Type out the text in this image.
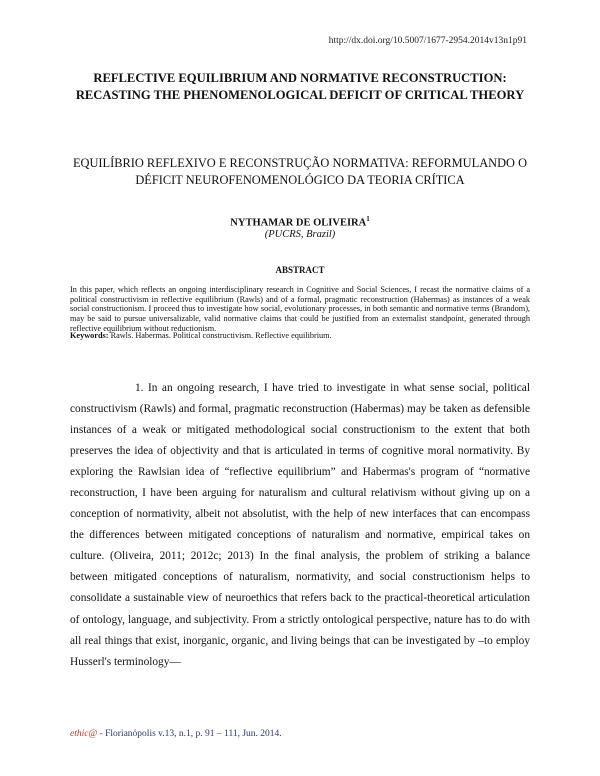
http://dx.doi.org/10.5007/1677-2954.2014v13n1p91
REFLECTIVE EQUILIBRIUM AND NORMATIVE RECONSTRUCTION: RECASTING THE PHENOMENOLOGICAL DEFICIT OF CRITICAL THEORY
EQUILÍBRIO REFLEXIVO E RECONSTRUÇÃO NORMATIVA: REFORMULANDO O DÉFICIT NEUROFENOMENOLÓGICO DA TEORIA CRÍTICA
NYTHAMAR DE OLIVEIRA$^1$
(PUCRS, Brazil)
ABSTRACT

In this paper, which reflects an ongoing interdisciplinary research in Cognitive and Social Sciences, I recast the normative claims of a political constructivism in reflective equilibrium (Rawls) and of a formal, pragmatic reconstruction (Habermas) as instances of a weak social constructionism. I proceed thus to investigate how social, evolutionary processes, in both semantic and normative terms (Brandom), may be said to pursue universalizable, valid normative claims that could be justified from an externalist standpoint, generated through reflective equilibrium without reductionism.

Keywords: Rawls. Habermas. Political constructivism. Reflective equilibrium.

1. In an ongoing research, I have tried to investigate in what sense social, political constructivism (Rawls) and formal, pragmatic reconstruction (Habermas) may be taken as defensible instances of a weak or mitigated methodological social constructionism to the extent that both preserves the idea of objectivity and that is articulated in terms of cognitive moral normativity. By exploring the Rawlsian idea of “reflective equilibrium” and Habermas's program of “normative reconstruction, I have been arguing for naturalism and cultural relativism without giving up on a conception of normativity, albeit not absolutist, with the help of new interfaces that can encompass the differences between mitigated conceptions of naturalism and normative, empirical takes on culture. (Oliveira, 2011; 2012c; 2013) In the final analysis, the problem of striking a balance between mitigated conceptions of naturalism, normativity, and social constructionism helps to consolidate a sustainable view of neuroethics that refers back to the practical-theoretical articulation of ontology, language, and subjectivity. From a strictly ontological perspective, nature has to do with all real things that exist, inorganic, organic, and living beings that can be investigated by –to employ Husserl's terminology—

ethic@ - Florianópolis v.13, n.1, p. 91 – 111, Jun. 2014.
